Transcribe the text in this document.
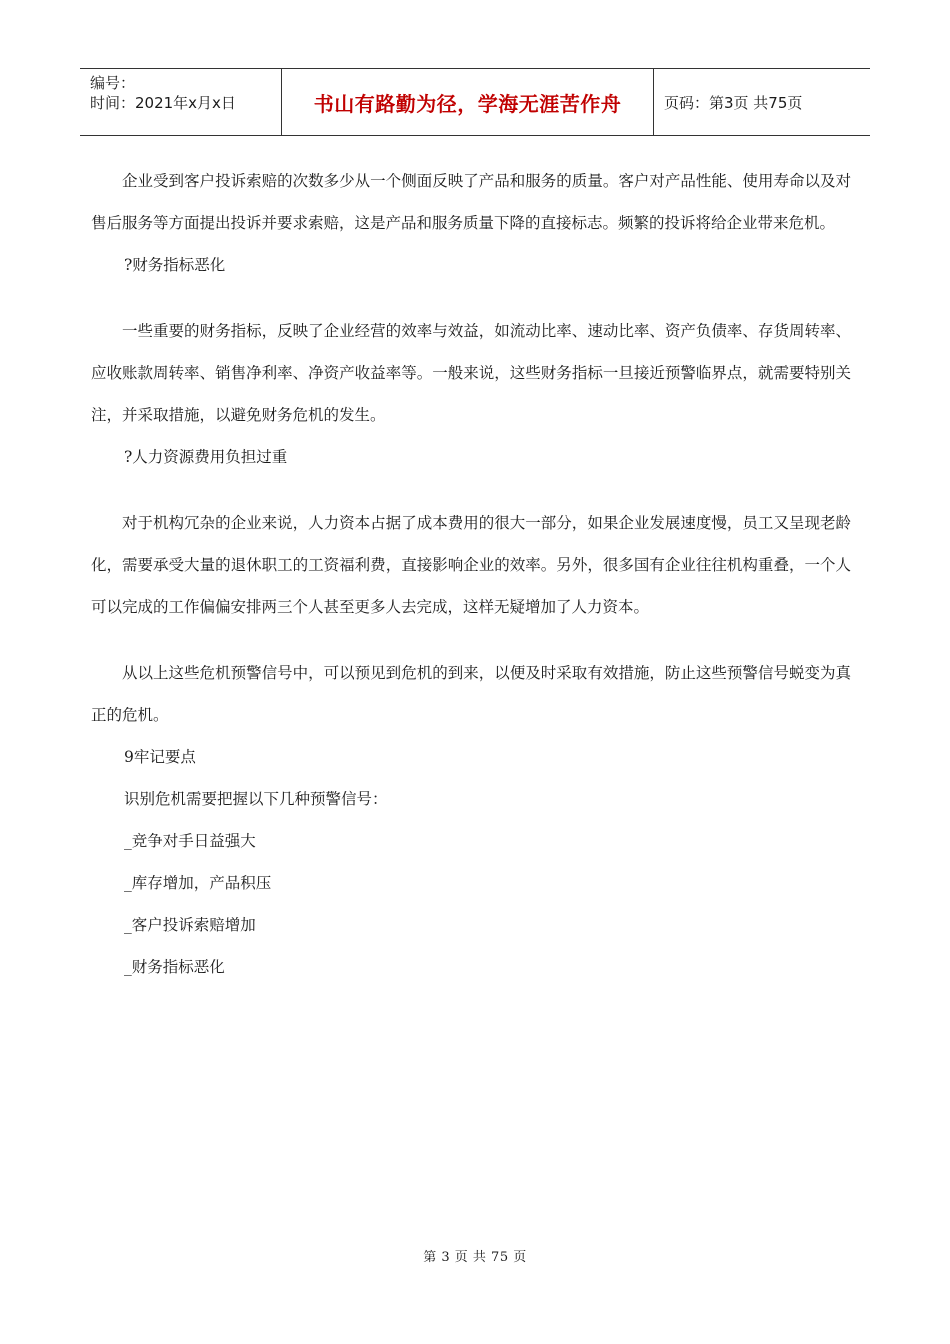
编号：
时间：2021年x月x日	书山有路勤为径，学海无涯苦作舟	页码：第3页 共75页

企业受到客户投诉索赔的次数多少从一个侧面反映了产品和服务的质量。客户对产品性能、使用寿命以及对售后服务等方面提出投诉并要求索赔，这是产品和服务质量下降的直接标志。频繁的投诉将给企业带来危机。

?财务指标恶化

一些重要的财务指标，反映了企业经营的效率与效益，如流动比率、速动比率、资产负债率、存货周转率、应收账款周转率、销售净利率、净资产收益率等。一般来说，这些财务指标一旦接近预警临界点，就需要特别关注，并采取措施，以避免财务危机的发生。

?人力资源费用负担过重

对于机构冗杂的企业来说，人力资本占据了成本费用的很大一部分，如果企业发展速度慢，员工又呈现老龄化，需要承受大量的退休职工的工资福利费，直接影响企业的效率。另外，很多国有企业往往机构重叠，一个人可以完成的工作偏偏安排两三个人甚至更多人去完成，这样无疑增加了人力资本。

从以上这些危机预警信号中，可以预见到危机的到来，以便及时采取有效措施，防止这些预警信号蜕变为真正的危机。

9牢记要点

识别危机需要把握以下几种预警信号：

_竞争对手日益强大

_库存增加，产品积压

_客户投诉索赔增加

_财务指标恶化

第 3 页 共 75 页
